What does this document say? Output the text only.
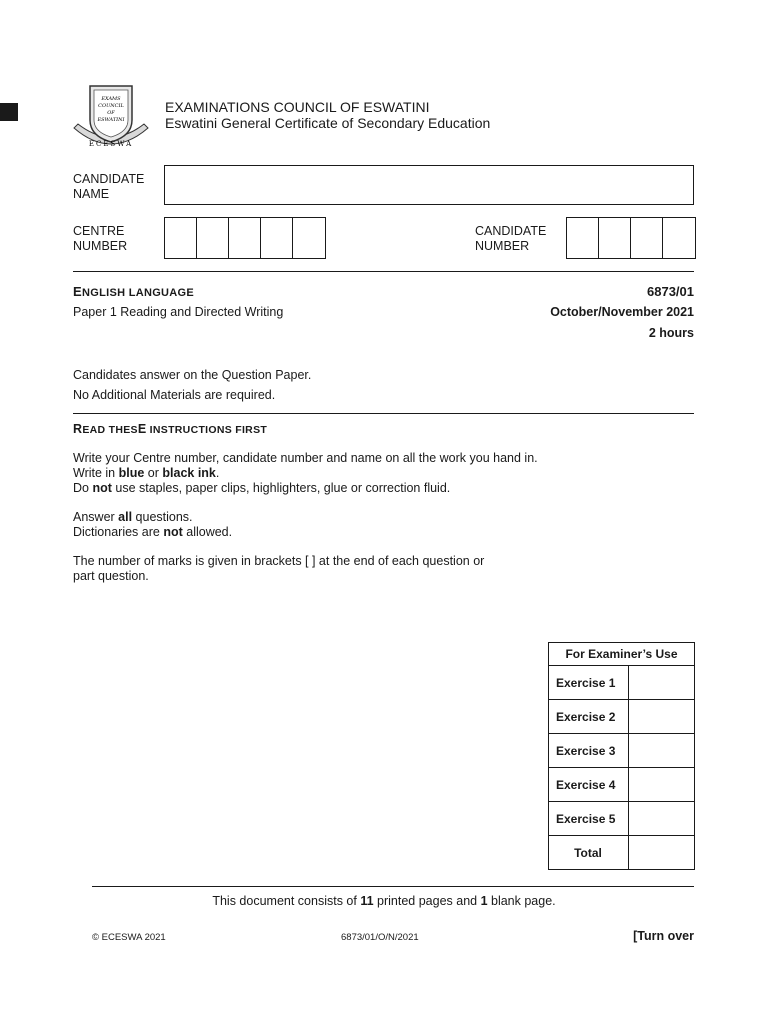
EXAMS
COUNCIL
OF
ESWATINI
ECESWA
EXAMINATIONS COUNCIL OF ESWATINI
Eswatini General Certificate of Secondary Education
CANDIDATE
NAME
CENTRE
NUMBER
CANDIDATE
NUMBER
ENGLISH LANGUAGE	6873/01
Paper 1 Reading and Directed Writing	October/November 2021
2 hours
Candidates answer on the Question Paper.
No Additional Materials are required.
READ THESE INSTRUCTIONS FIRST
Write your Centre number, candidate number and name on all the work you hand in.
Write in blue or black ink.
Do not use staples, paper clips, highlighters, glue or correction fluid.
Answer all questions.
Dictionaries are not allowed.
The number of marks is given in brackets [ ] at the end of each question or
part question.
For Examiner’s Use	
Exercise 1	
Exercise 2	
Exercise 3	
Exercise 4	
Exercise 5	
Total	
This document consists of 11 printed pages and 1 blank page.
© ECESWA 2021	6873/01/O/N/2021	[Turn over
